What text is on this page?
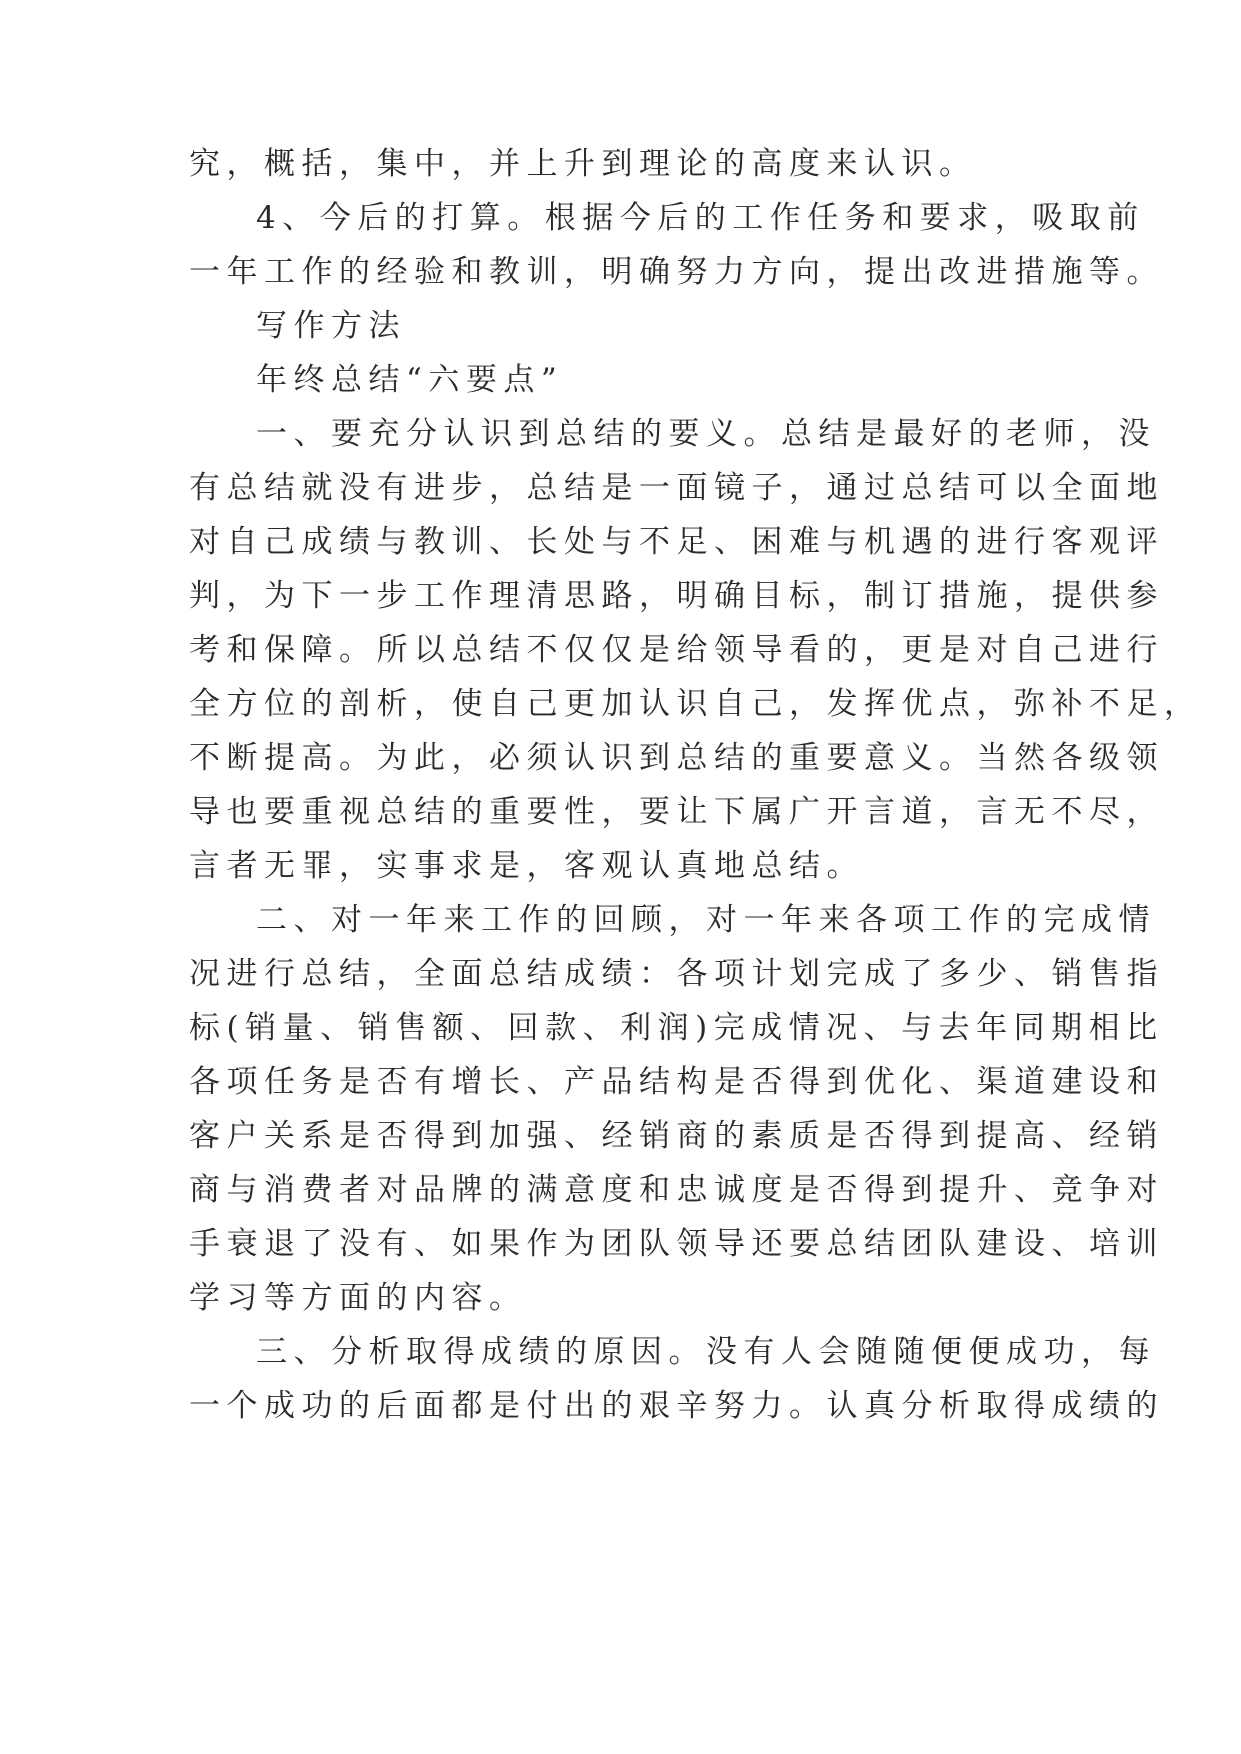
究，概括，集中，并上升到理论的高度来认识。
4、今后的打算。根据今后的工作任务和要求，吸取前
一年工作的经验和教训，明确努力方向，提出改进措施等。
写作方法
年终总结“六要点”
一、要充分认识到总结的要义。总结是最好的老师，没
有总结就没有进步，总结是一面镜子，通过总结可以全面地
对自己成绩与教训、长处与不足、困难与机遇的进行客观评
判，为下一步工作理清思路，明确目标，制订措施，提供参
考和保障。所以总结不仅仅是给领导看的，更是对自己进行
全方位的剖析，使自己更加认识自己，发挥优点，弥补不足，
不断提高。为此，必须认识到总结的重要意义。当然各级领
导也要重视总结的重要性，要让下属广开言道，言无不尽，
言者无罪，实事求是，客观认真地总结。
二、对一年来工作的回顾，对一年来各项工作的完成情
况进行总结，全面总结成绩：各项计划完成了多少、销售指
标(销量、销售额、回款、利润)完成情况、与去年同期相比
各项任务是否有增长、产品结构是否得到优化、渠道建设和
客户关系是否得到加强、经销商的素质是否得到提高、经销
商与消费者对品牌的满意度和忠诚度是否得到提升、竞争对
手衰退了没有、如果作为团队领导还要总结团队建设、培训
学习等方面的内容。
三、分析取得成绩的原因。没有人会随随便便成功，每
一个成功的后面都是付出的艰辛努力。认真分析取得成绩的
